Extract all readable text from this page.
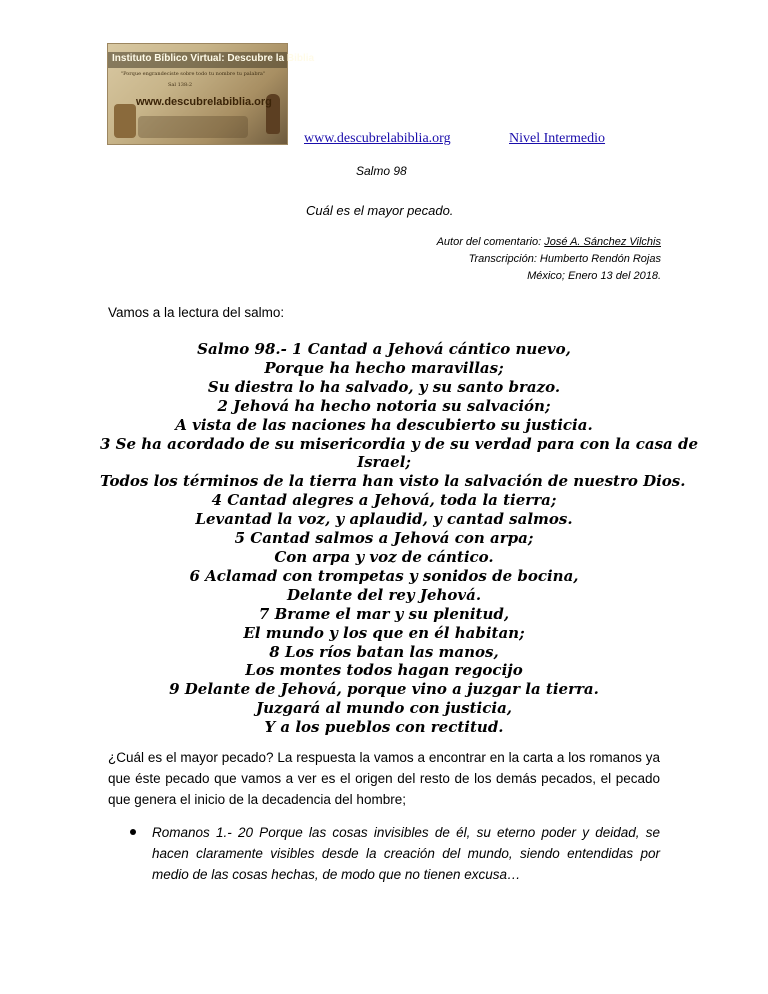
Instituto Bíblico Virtual: Descubre la Biblia
"Porque engrandeciste sobre todo tu nombre tu palabra"
Sal 138:2
www.descubrelabiblia.org
www.descubrelabiblia.org	Nivel Intermedio
Salmo 98
Cuál es el mayor pecado.
Autor del comentario: José A. Sánchez Vilchis
Transcripción: Humberto Rendón Rojas
México; Enero 13 del 2018.
Vamos a la lectura del salmo:
Salmo 98.- 1 Cantad a Jehová cántico nuevo,
Porque ha hecho maravillas;
Su diestra lo ha salvado, y su santo brazo.
2 Jehová ha hecho notoria su salvación;
A vista de las naciones ha descubierto su justicia.
3 Se ha acordado de su misericordia y de su verdad para con la casa de
Israel;
Todos los términos de la tierra han visto la salvación de nuestro Dios.
4 Cantad alegres a Jehová, toda la tierra;
Levantad la voz, y aplaudid, y cantad salmos.
5 Cantad salmos a Jehová con arpa;
Con arpa y voz de cántico.
6 Aclamad con trompetas y sonidos de bocina,
Delante del rey Jehová.
7 Brame el mar y su plenitud,
El mundo y los que en él habitan;
8 Los ríos batan las manos,
Los montes todos hagan regocijo
9 Delante de Jehová, porque vino a juzgar la tierra.
Juzgará al mundo con justicia,
Y a los pueblos con rectitud.
¿Cuál es el mayor pecado? La respuesta la vamos a encontrar en la carta a los romanos ya que éste pecado que vamos a ver es el origen del resto de los demás pecados, el pecado que genera el inicio de la decadencia del hombre;
Romanos 1.- 20 Porque las cosas invisibles de él, su eterno poder y deidad, se hacen claramente visibles desde la creación del mundo, siendo entendidas por medio de las cosas hechas, de modo que no tienen excusa…
